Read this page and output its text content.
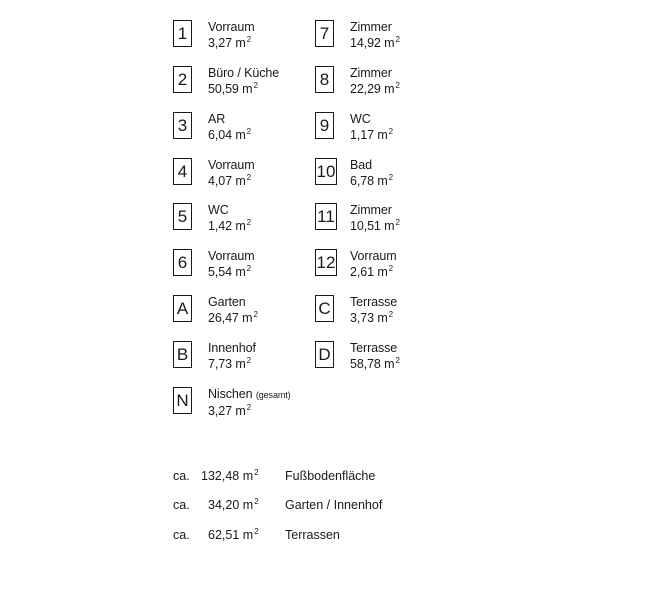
1	Vorraum
3,27 $m^2$
2	Büro / Küche
50,59 $m^2$
3	AR
6,04 $m^2$
4	Vorraum
4,07 $m^2$
5	WC
1,42 $m^2$
6	Vorraum
5,54 $m^2$
A	Garten
26,47 $m^2$
B	Innenhof
7,73 $m^2$
N Nischen (gesamt)
3,27 $m^2$
7	Zimmer
14,92 $m^2$
8	Zimmer
22,29 $m^2$
9	WC
1,17 $m^2$
10 Bad
6,78 $m^2$
11 Zimmer
10,51 $m^2$
12 Vorraum
2,61 $m^2$
C Terrasse
3,73 $m^2$
D Terrasse
58,78 $m^2$
ca. 132,48 $m^2$	Fußbodenfläche
ca.	34,20 $m^2$	Garten / Innenhof
ca.	62,51 $m^2$	Terrassen
